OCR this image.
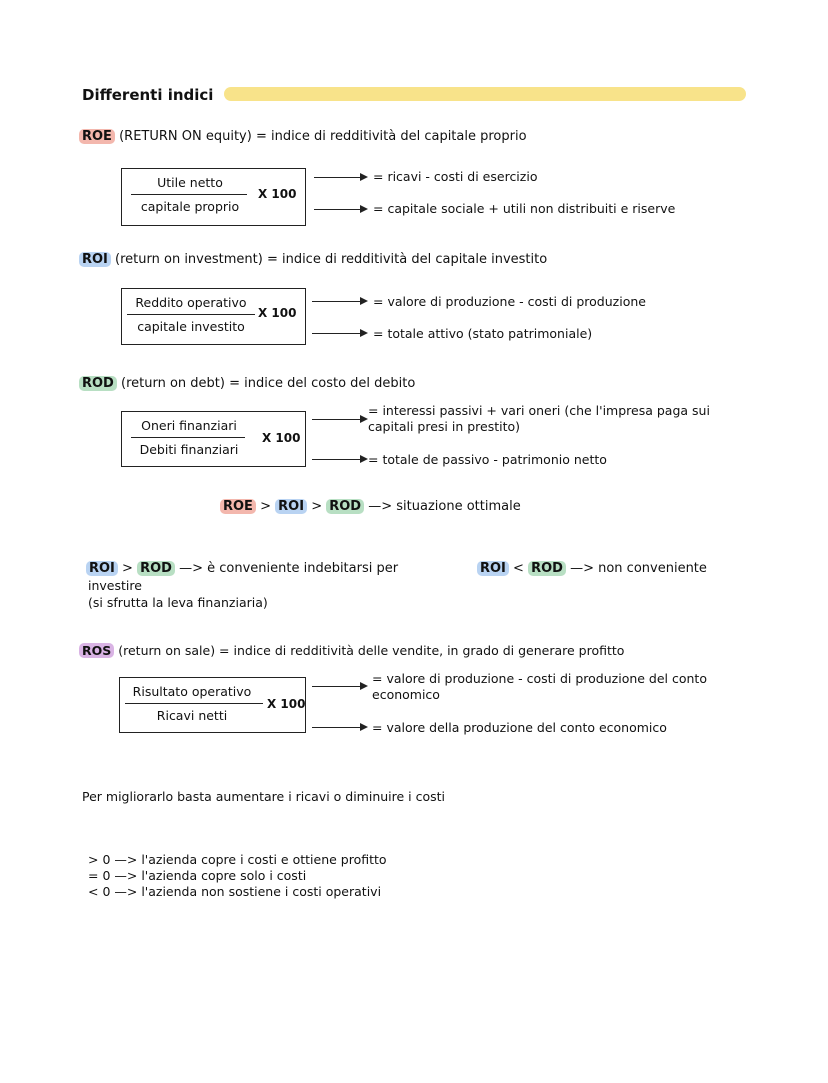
Differenti indici
ROE (RETURN ON equity) = indice di redditività del capitale proprio
Utile netto
capitale proprio
X 100
= ricavi - costi di esercizio
= capitale sociale + utili non distribuiti e riserve
ROI (return on investment) = indice di redditività del capitale investito
Reddito operativo
capitale investito
X 100
= valore di produzione - costi di produzione
= totale attivo (stato patrimoniale)
ROD (return on debt) = indice del costo del debito
Oneri finanziari
Debiti finanziari
X 100
= interessi passivi + vari oneri (che l'impresa paga sui
capitali presi in prestito)
= totale de passivo - patrimonio netto
ROE > ROI > ROD —> situazione ottimale
ROI > ROD —> è conveniente indebitarsi per
investire
(si sfrutta la leva finanziaria)
ROI < ROD —> non conveniente
ROS (return on sale) = indice di redditività delle vendite, in grado di generare profitto
Risultato operativo
Ricavi netti
X 100
= valore di produzione - costi di produzione del conto
economico
= valore della produzione del conto economico
Per migliorarlo basta aumentare i ricavi o diminuire i costi
> 0 —> l'azienda copre i costi e ottiene profitto
= 0 —> l'azienda copre solo i costi
< 0 —> l'azienda non sostiene i costi operativi
